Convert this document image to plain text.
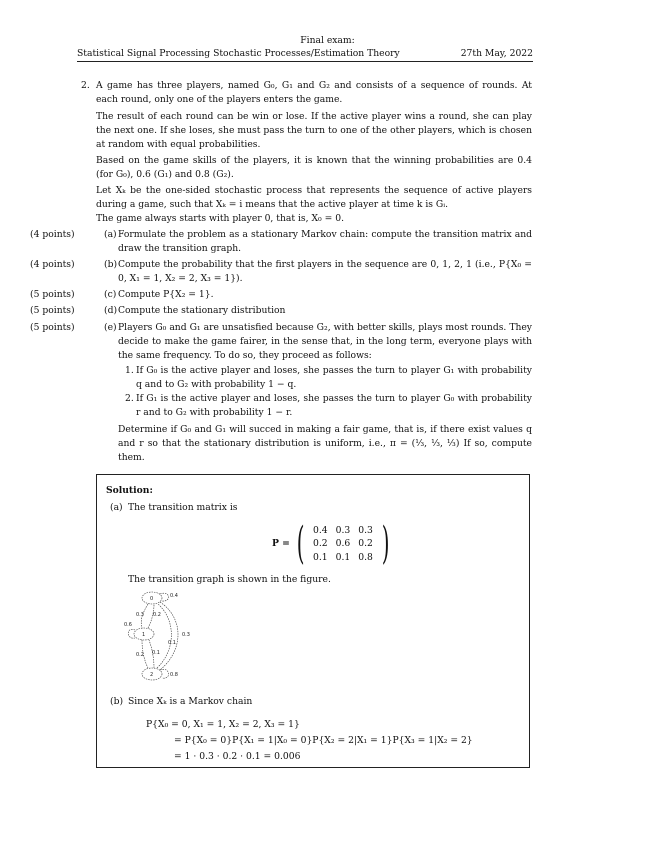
Final exam:
Statistical Signal Processing Stochastic Processes/Estimation Theory	27th May, 2022
2. A game has three players, named G₀, G₁ and G₂ and consists of a sequence of rounds. At each round, only one of the players enters the game.
The result of each round can be win or lose. If the active player wins a round, she can play the next one. If she loses, she must pass the turn to one of the other players, which is chosen at random with equal probabilities.
Based on the game skills of the players, it is known that the winning probabilities are 0.4 (for G₀), 0.6 (G₁) and 0.8 (G₂).
Let Xₖ be the one-sided stochastic process that represents the sequence of active players during a game, such that Xₖ = i means that the active player at time k is Gᵢ.
The game always starts with player 0, that is, X₀ = 0.
(4 points)	(a) Formulate the problem as a stationary Markov chain: compute the transition matrix and draw the transition graph.
(4 points)	(b) Compute the probability that the first players in the sequence are 0, 1, 2, 1 (i.e., P{X₀ = 0, X₁ = 1, X₂ = 2, X₃ = 1}).
(5 points)	(c) Compute P{X₂ = 1}.
(5 points)	(d) Compute the stationary distribution
(5 points)	(e) Players G₀ and G₁ are unsatisfied because G₂, with better skills, plays most rounds. They decide to make the game fairer, in the sense that, in the long term, everyone plays with the same frequency. To do so, they proceed as follows:
1. If G₀ is the active player and loses, she passes the turn to player G₁ with probability q and to G₂ with probability 1 − q.
2. If G₁ is the active player and loses, she passes the turn to player G₀ with probability r and to G₂ with probability 1 − r.
Determine if G₀ and G₁ will succed in making a fair game, that is, if there exist values q and r so that the stationary distribution is uniform, i.e., π = (⅓, ⅓, ⅓) If so, compute them.
Solution:
(a) The transition matrix is
P = ( 0.4	0.3	0.3
0.2	0.6	0.2
0.1	0.1	0.8 )
The transition graph is shown in the figure.
0
1
2
0.4
0.6
0.8
0.3 0.2
0.2 0.1
0.3
0.1
(b) Since Xₖ is a Markov chain
P{X₀ = 0, X₁ = 1, X₂ = 2, X₃ = 1}
= P{X₀ = 0}P{X₁ = 1|X₀ = 0}P{X₂ = 2|X₁ = 1}P{X₃ = 1|X₂ = 2}
= 1 · 0.3 · 0.2 · 0.1 = 0.006
